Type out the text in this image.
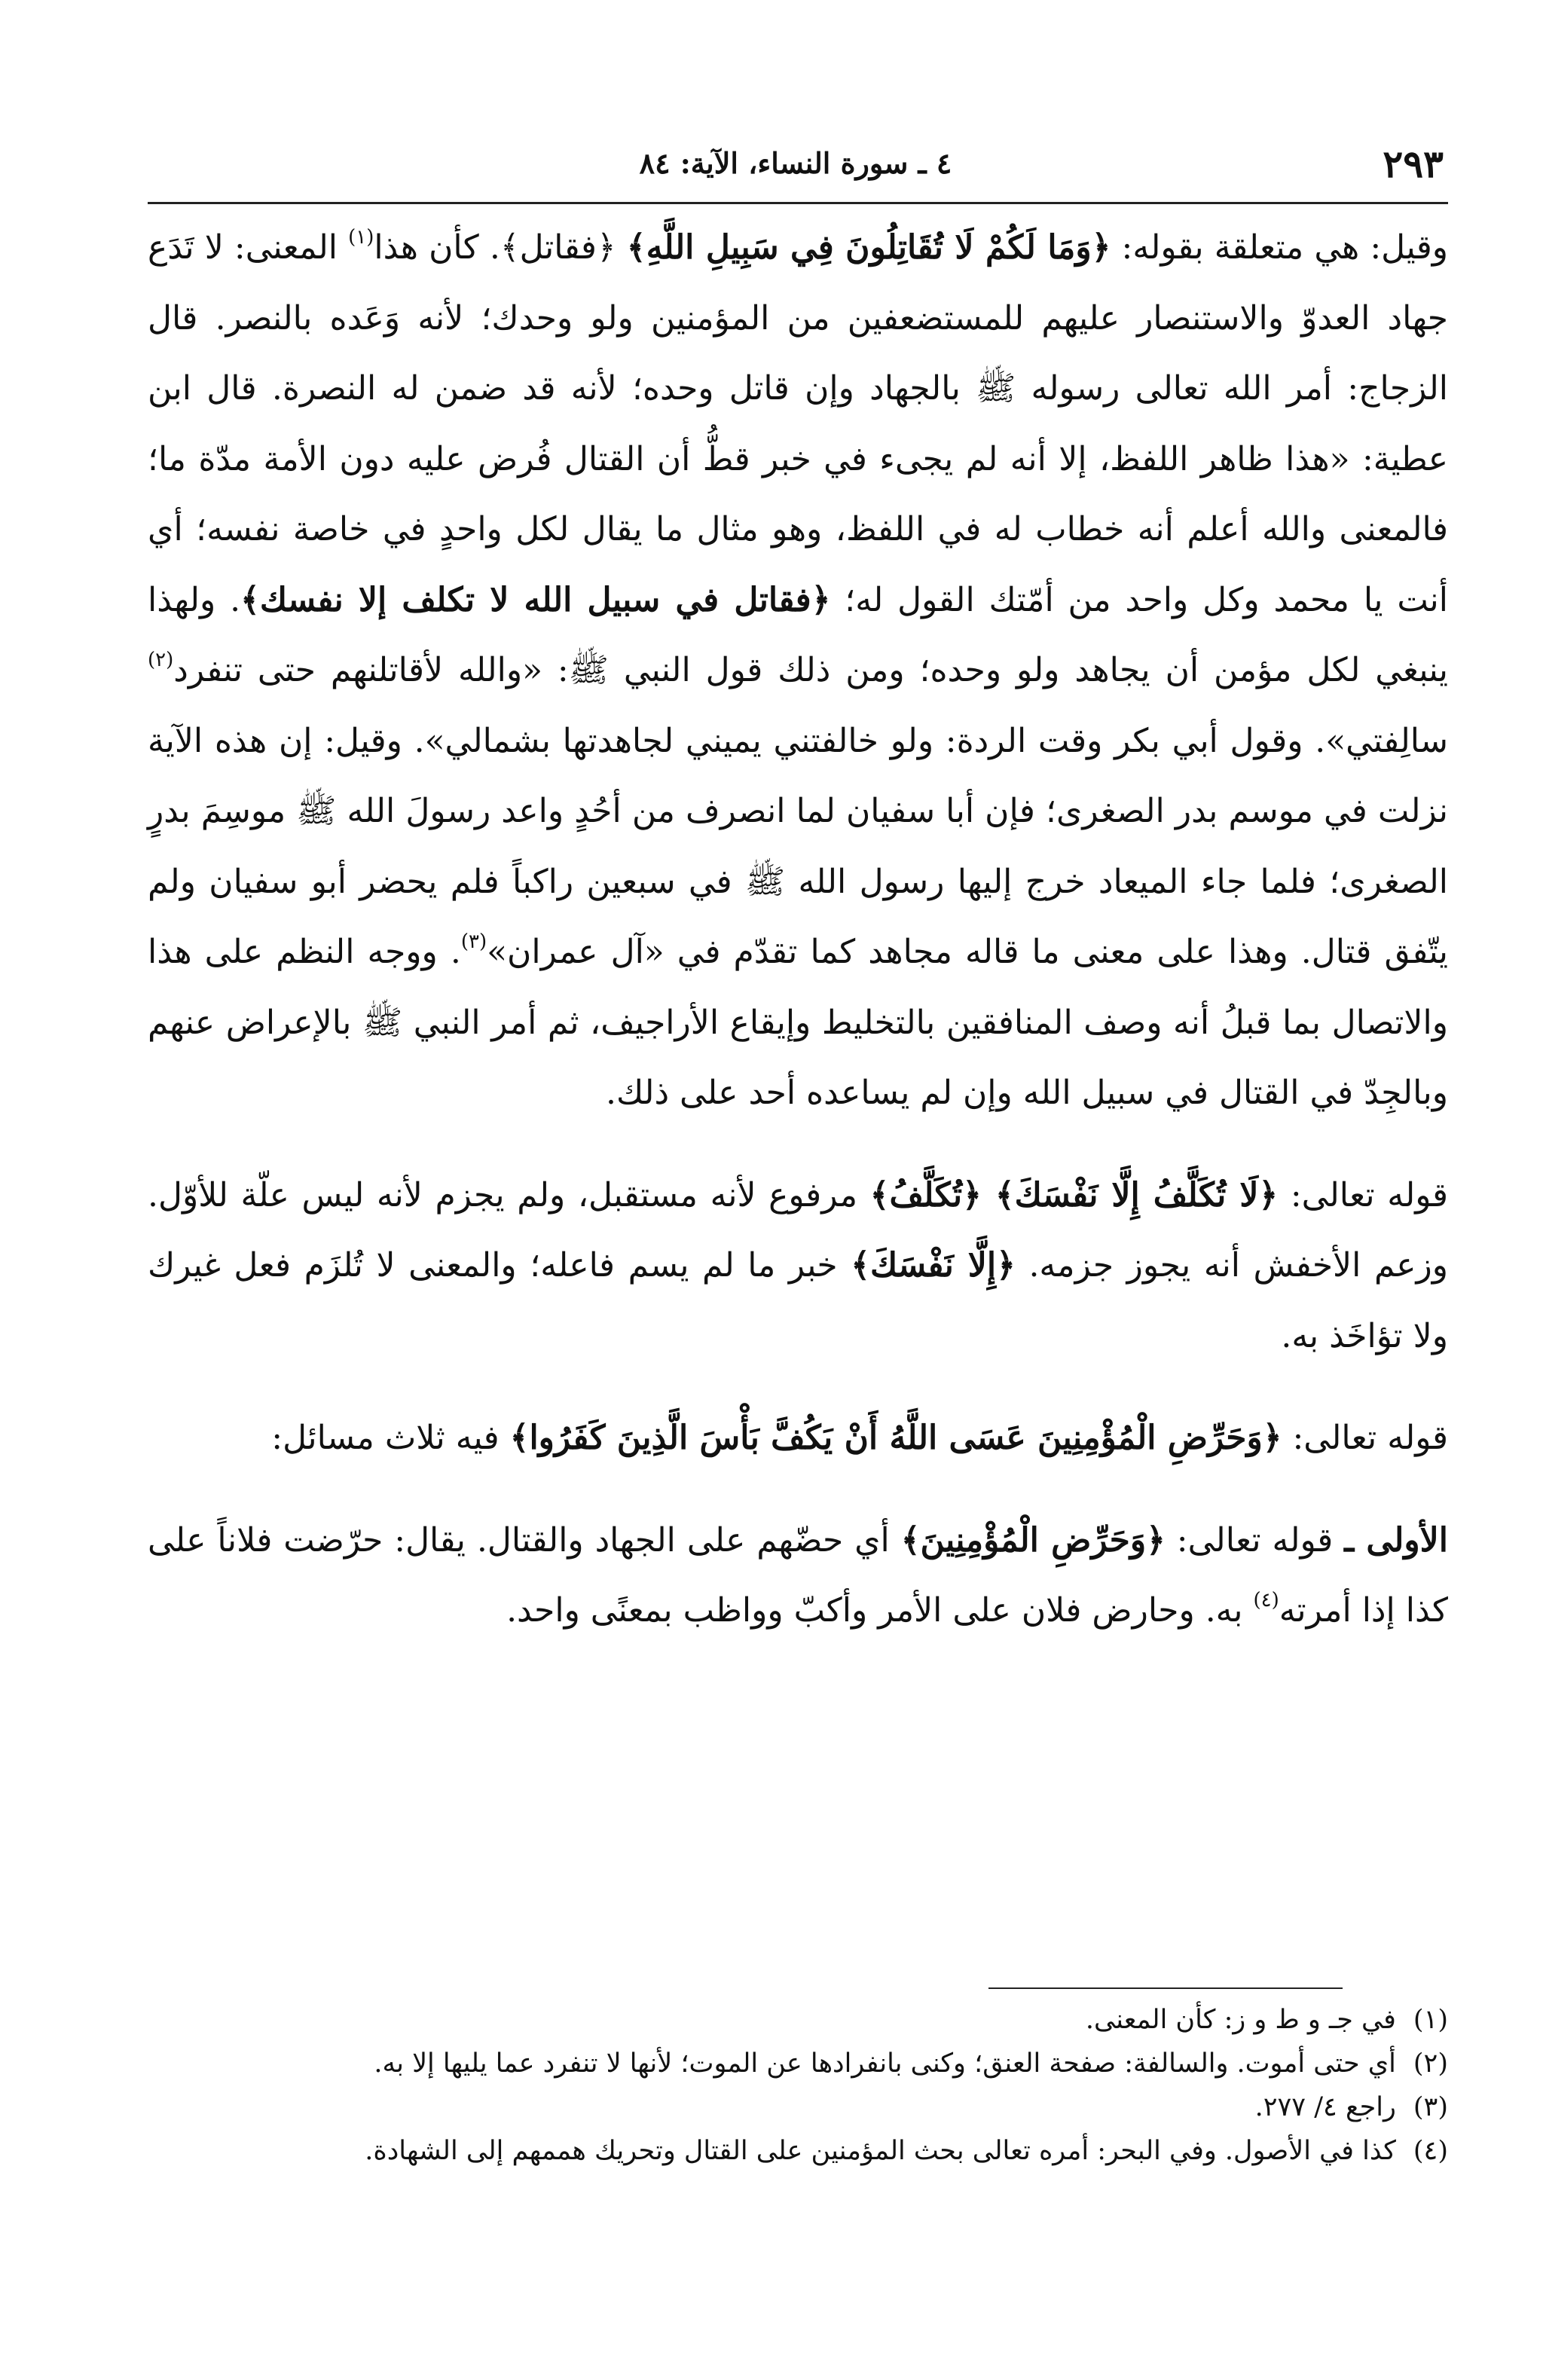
٢٩٣
٤ ـ سورة النساء، الآية: ٨٤

وقيل: هي متعلقة بقوله: ﴿وَمَا لَكُمْ لَا تُقَاتِلُونَ فِي سَبِيلِ اللَّهِ﴾ ﴿فقاتل﴾. كأن هذا$^{(١)}$ المعنى: لا تَدَع جهاد العدوّ والاستنصار عليهم للمستضعفين من المؤمنين ولو وحدك؛ لأنه وَعَده بالنصر. قال الزجاج: أمر الله تعالى رسوله ﷺ بالجهاد وإن قاتل وحده؛ لأنه قد ضمن له النصرة. قال ابن عطية: «هذا ظاهر اللفظ، إلا أنه لم يجىء في خبر قطُّ أن القتال فُرض عليه دون الأمة مدّة ما؛ فالمعنى والله أعلم أنه خطاب له في اللفظ، وهو مثال ما يقال لكل واحدٍ في خاصة نفسه؛ أي أنت يا محمد وكل واحد من أمّتك القول له؛ ﴿فقاتل في سبيل الله لا تكلف إلا نفسك﴾. ولهذا ينبغي لكل مؤمن أن يجاهد ولو وحده؛ ومن ذلك قول النبي ﷺ: «والله لأقاتلنهم حتى تنفرد$^{(٢)}$ سالِفتي». وقول أبي بكر وقت الردة: ولو خالفتني يميني لجاهدتها بشمالي». وقيل: إن هذه الآية نزلت في موسم بدر الصغرى؛ فإن أبا سفيان لما انصرف من أحُدٍ واعد رسولَ الله ﷺ موسِمَ بدرٍ الصغرى؛ فلما جاء الميعاد خرج إليها رسول الله ﷺ في سبعين راكباً فلم يحضر أبو سفيان ولم يتّفق قتال. وهذا على معنى ما قاله مجاهد كما تقدّم في «آل عمران»$^{(٣)}$. ووجه النظم على هذا والاتصال بما قبلُ أنه وصف المنافقين بالتخليط وإيقاع الأراجيف، ثم أمر النبي ﷺ بالإعراض عنهم وبالجِدّ في القتال في سبيل الله وإن لم يساعده أحد على ذلك.

قوله تعالى: ﴿لَا تُكَلَّفُ إِلَّا نَفْسَكَ﴾ ﴿تُكَلَّفُ﴾ مرفوع لأنه مستقبل، ولم يجزم لأنه ليس علّة للأوّل. وزعم الأخفش أنه يجوز جزمه. ﴿إِلَّا نَفْسَكَ﴾ خبر ما لم يسم فاعله؛ والمعنى لا تُلزَم فعل غيرك ولا تؤاخَذ به.

قوله تعالى: ﴿وَحَرِّضِ الْمُؤْمِنِينَ عَسَى اللَّهُ أَنْ يَكُفَّ بَأْسَ الَّذِينَ كَفَرُوا﴾ فيه ثلاث مسائل:

الأولى ـ قوله تعالى: ﴿وَحَرِّضِ الْمُؤْمِنِينَ﴾ أي حضّهم على الجهاد والقتال. يقال: حرّضت فلاناً على كذا إذا أمرته$^{(٤)}$ به. وحارض فلان على الأمر وأكبّ وواظب بمعنًى واحد.

(١) في جـ و ط و ز: كأن المعنى.
(٢) أي حتى أموت. والسالفة: صفحة العنق؛ وكنى بانفرادها عن الموت؛ لأنها لا تنفرد عما يليها إلا به.
(٣) راجع ٤/ ٢٧٧.
(٤) كذا في الأصول. وفي البحر: أمره تعالى بحث المؤمنين على القتال وتحريك هممهم إلى الشهادة.
